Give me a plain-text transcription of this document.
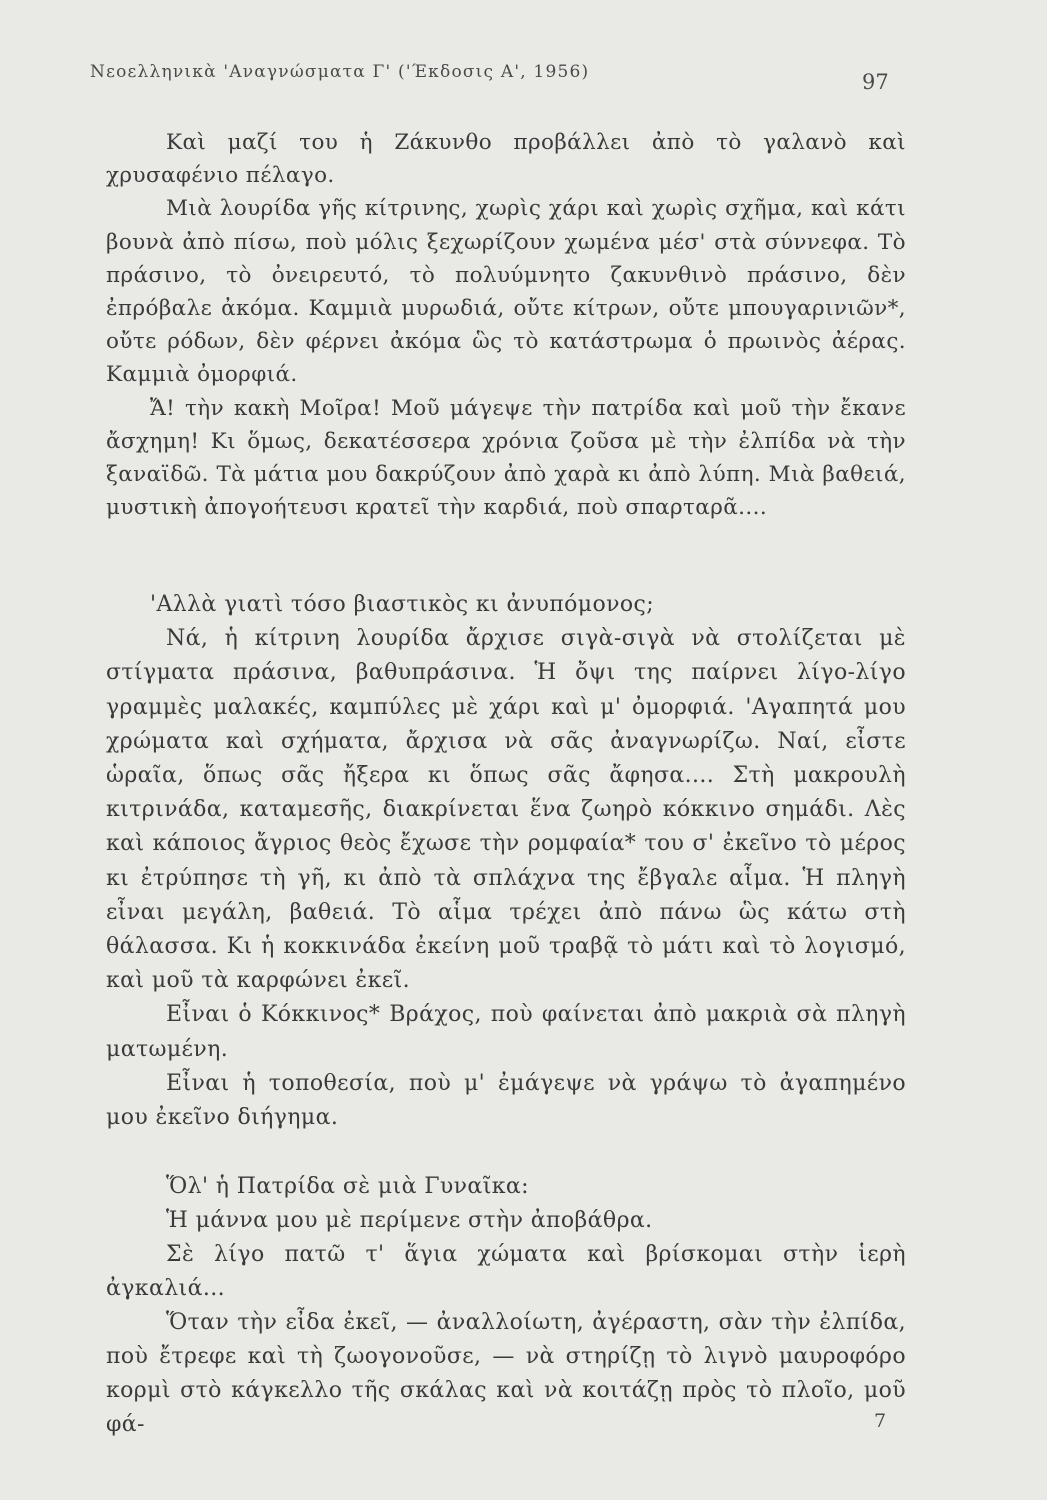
Νεοελληνικὰ 'Αναγνώσματα Γ' ('Έκδοσις Α', 1956)	97

Καὶ μαζί του ἡ Ζάκυνθο προβάλλει ἀπὸ τὸ γαλανὸ καὶ χρυσαφένιο πέλαγο.

Μιὰ λουρίδα γῆς κίτρινης, χωρὶς χάρι καὶ χωρὶς σχῆμα, καὶ κάτι βουνὰ ἀπὸ πίσω, ποὺ μόλις ξεχωρίζουν χωμένα μέσ' στὰ σύννεφα. Τὸ πράσινο, τὸ ὀνειρευτό, τὸ πολυύμνητο ζακυνθινὸ πράσινο, δὲν ἐπρόβαλε ἀκόμα. Καμμιὰ μυρωδιά, οὔτε κίτρων, οὔτε μπουγαρινιῶν*, οὔτε ρόδων, δὲν φέρνει ἀκόμα ὣς τὸ κατάστρωμα ὁ πρωινὸς ἀέρας. Καμμιὰ ὀμορφιά.

Ἄ! τὴν κακὴ Μοῖρα! Μοῦ μάγεψε τὴν πατρίδα καὶ μοῦ τὴν ἔκανε ἄσχημη! Κι ὅμως, δεκατέσσερα χρόνια ζοῦσα μὲ τὴν ἐλπίδα νὰ τὴν ξαναϊδῶ. Τὰ μάτια μου δακρύζουν ἀπὸ χαρὰ κι ἀπὸ λύπη. Μιὰ βαθειά, μυστικὴ ἀπογοήτευσι κρατεῖ τὴν καρδιά, ποὺ σπαρταρᾶ....

'Αλλὰ γιατὶ τόσο βιαστικὸς κι ἀνυπόμονος;

Νά, ἡ κίτρινη λουρίδα ἄρχισε σιγὰ-σιγὰ νὰ στολίζεται μὲ στίγματα πράσινα, βαθυπράσινα. Ἡ ὄψι της παίρνει λίγο-λίγο γραμμὲς μαλακές, καμπύλες μὲ χάρι καὶ μ' ὀμορφιά. 'Αγαπητά μου χρώματα καὶ σχήματα, ἄρχισα νὰ σᾶς ἀναγνωρίζω. Ναί, εἶστε ὡραῖα, ὅπως σᾶς ἤξερα κι ὅπως σᾶς ἄφησα.... Στὴ μακρουλὴ κιτρινάδα, καταμεσῆς, διακρίνεται ἕνα ζωηρὸ κόκκινο σημάδι. Λὲς καὶ κάποιος ἄγριος θεὸς ἔχωσε τὴν ρομφαία* του σ' ἐκεῖνο τὸ μέρος κι ἐτρύπησε τὴ γῆ, κι ἀπὸ τὰ σπλάχνα της ἔβγαλε αἷμα. Ἡ πληγὴ εἶναι μεγάλη, βαθειά. Τὸ αἷμα τρέχει ἀπὸ πάνω ὣς κάτω στὴ θάλασσα. Κι ἡ κοκκινάδα ἐκείνη μοῦ τραβᾷ τὸ μάτι καὶ τὸ λογισμό, καὶ μοῦ τὰ καρφώνει ἐκεῖ.

Εἶναι ὁ Κόκκινος* Βράχος, ποὺ φαίνεται ἀπὸ μακριὰ σὰ πληγὴ ματωμένη.

Εἶναι ἡ τοποθεσία, ποὺ μ' ἐμάγεψε νὰ γράψω τὸ ἀγαπημένο μου ἐκεῖνο διήγημα.

Ὅλ' ἡ Πατρίδα σὲ μιὰ Γυναῖκα:

Ἡ μάννα μου μὲ περίμενε στὴν ἀποβάθρα.

Σὲ λίγο πατῶ τ' ἅγια χώματα καὶ βρίσκομαι στὴν ἱερὴ ἀγκαλιά...

Ὅταν τὴν εἶδα ἐκεῖ, — ἀναλλοίωτη, ἀγέραστη, σὰν τὴν ἐλπίδα, ποὺ ἔτρεφε καὶ τὴ ζωογονοῦσε, — νὰ στηρίζῃ τὸ λιγνὸ μαυροφόρο κορμὶ στὸ κάγκελλο τῆς σκάλας καὶ νὰ κοιτάζῃ πρὸς τὸ πλοῖο, μοῦ φά-	7
